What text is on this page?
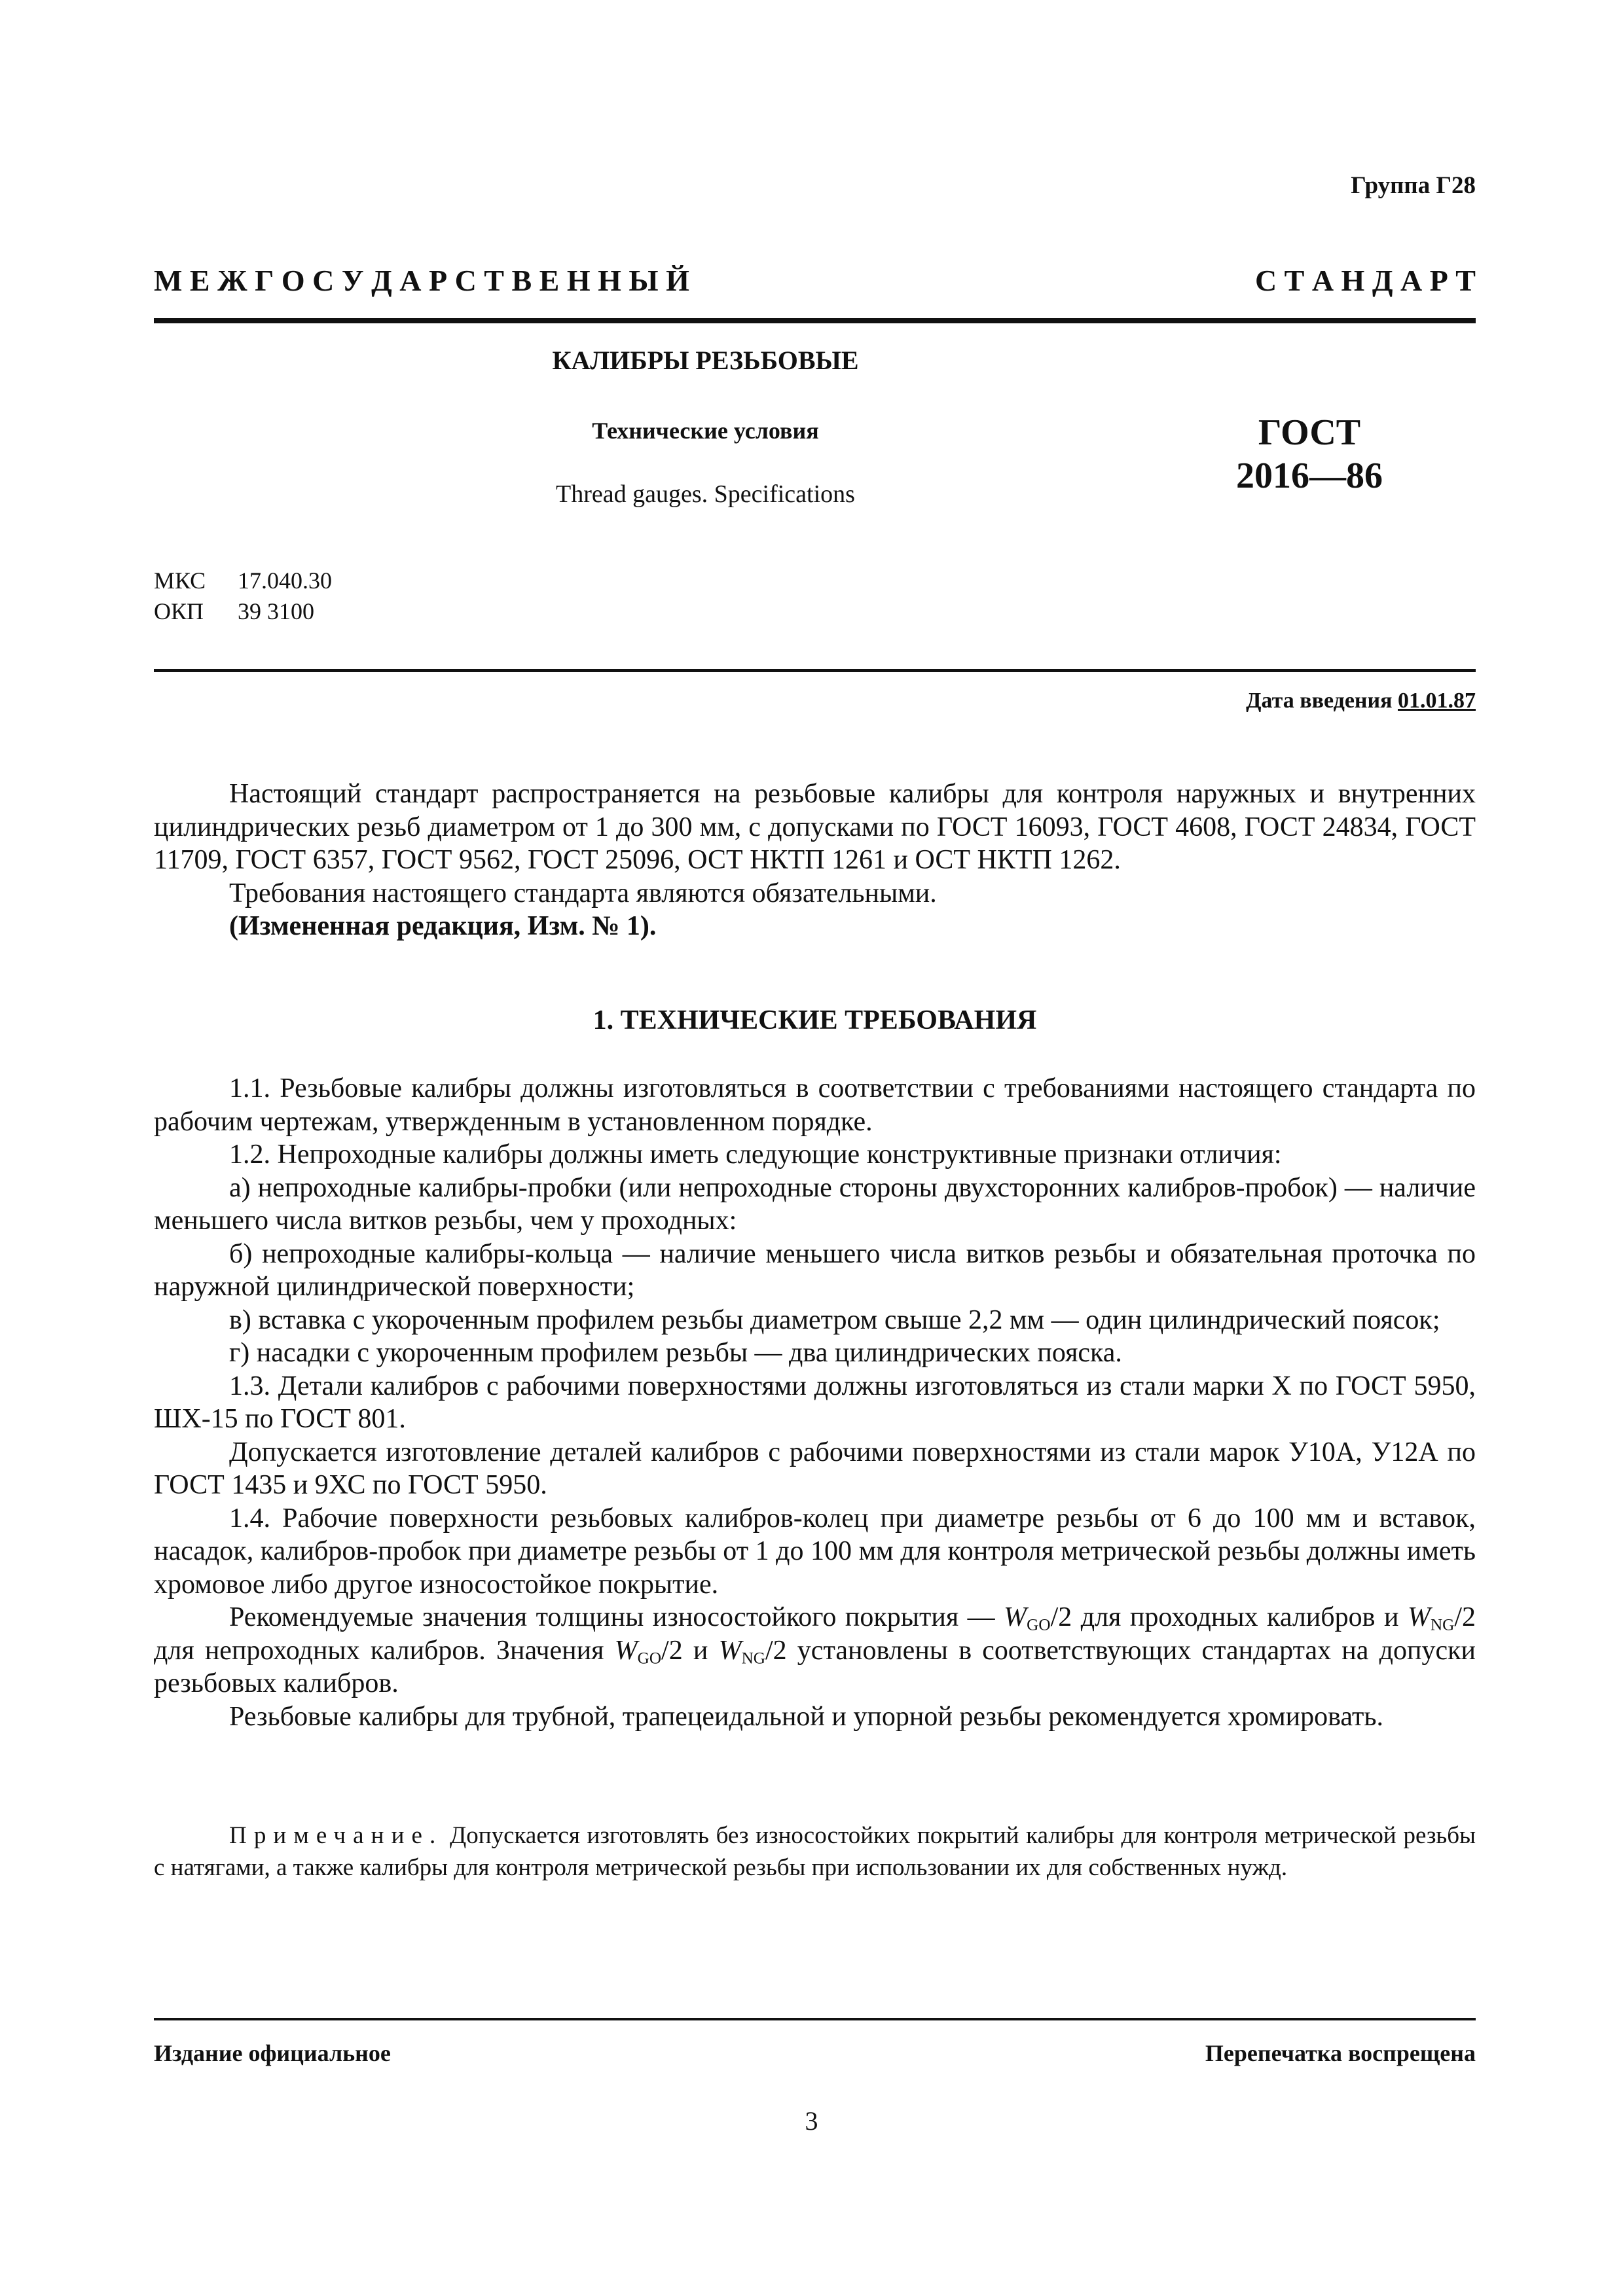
Группа Г28
М Е Ж Г О С У Д А Р С Т В Е Н Н Ы Й	С Т А Н Д А Р Т
КАЛИБРЫ РЕЗЬБОВЫЕ
Технические условия
Thread gauges. Specifications
ГОСТ
2016—86
МКС 17.040.30
ОКП 39 3100
Дата введения 01.01.87

Настоящий стандарт распространяется на резьбовые калибры для контроля наружных и внутренних цилиндрических резьб диаметром от 1 до 300 мм, с допусками по ГОСТ 16093, ГОСТ 4608, ГОСТ 24834, ГОСТ 11709, ГОСТ 6357, ГОСТ 9562, ГОСТ 25096, ОСТ НКТП 1261 и ОСТ НКТП 1262.

Требования настоящего стандарта являются обязательными.

(Измененная редакция, Изм. № 1).

1. ТЕХНИЧЕСКИЕ ТРЕБОВАНИЯ

1.1. Резьбовые калибры должны изготовляться в соответствии с требованиями настоящего стандарта по рабочим чертежам, утвержденным в установленном порядке.

1.2. Непроходные калибры должны иметь следующие конструктивные признаки отличия:

а) непроходные калибры-пробки (или непроходные стороны двухсторонних калибров-пробок) — наличие меньшего числа витков резьбы, чем у проходных:

б) непроходные калибры-кольца — наличие меньшего числа витков резьбы и обязательная проточка по наружной цилиндрической поверхности;

в) вставка с укороченным профилем резьбы диаметром свыше 2,2 мм — один цилиндрический поясок;

г) насадки с укороченным профилем резьбы — два цилиндрических пояска.

1.3. Детали калибров с рабочими поверхностями должны изготовляться из стали марки X по ГОСТ 5950, ШХ-15 по ГОСТ 801.

Допускается изготовление деталей калибров с рабочими поверхностями из стали марок У10А, У12А по ГОСТ 1435 и 9ХС по ГОСТ 5950.

1.4. Рабочие поверхности резьбовых калибров-колец при диаметре резьбы от 6 до 100 мм и вставок, насадок, калибров-пробок при диаметре резьбы от 1 до 100 мм для контроля метрической резьбы должны иметь хромовое либо другое износостойкое покрытие.

Рекомендуемые значения толщины износостойкого покрытия — $W_{GO}/2$ для проходных калибров и $W_{NG}/2$ для непроходных калибров. Значения $W_{GO}/2$ и $W_{NG}/2$ установлены в соответствующих стандартах на допуски резьбовых калибров.

Резьбовые калибры для трубной, трапецеидальной и упорной резьбы рекомендуется хромировать.

Примечание. Допускается изготовлять без износостойких покрытий калибры для контроля метрической резьбы с натягами, а также калибры для контроля метрической резьбы при использовании их для собственных нужд.

Издание официальное	Перепечатка воспрещена
3
